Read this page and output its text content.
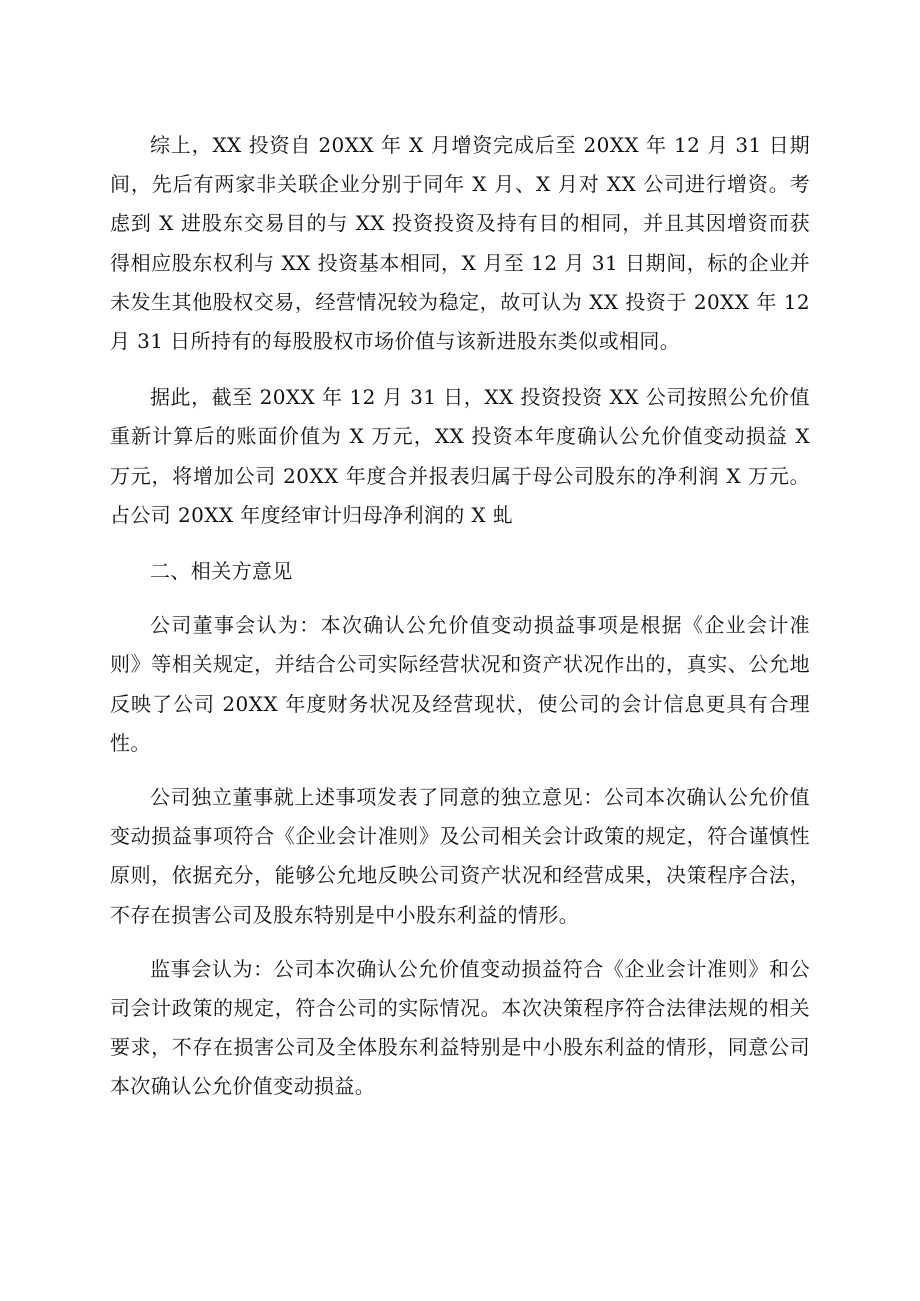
综上，XX 投资自 20XX 年 X 月增资完成后至 20XX 年 12 月 31 日期间，先后有两家非关联企业分别于同年 X 月、X 月对 XX 公司进行增资。考虑到 X 进股东交易目的与 XX 投资投资及持有目的相同，并且其因增资而获得相应股东权利与 XX 投资基本相同，X 月至 12 月 31 日期间，标的企业并未发生其他股权交易，经营情况较为稳定，故可认为 XX 投资于 20XX 年 12 月 31 日所持有的每股股权市场价值与该新进股东类似或相同。

据此，截至 20XX 年 12 月 31 日，XX 投资投资 XX 公司按照公允价值重新计算后的账面价值为 X 万元，XX 投资本年度确认公允价值变动损益 X 万元，将增加公司 20XX 年度合并报表归属于母公司股东的净利润 X 万元。占公司 20XX 年度经审计归母净利润的 X 虬

二、相关方意见

公司董事会认为：本次确认公允价值变动损益事项是根据《企业会计准则》等相关规定，并结合公司实际经营状况和资产状况作出的，真实、公允地反映了公司 20XX 年度财务状况及经营现状，使公司的会计信息更具有合理性。

公司独立董事就上述事项发表了同意的独立意见：公司本次确认公允价值变动损益事项符合《企业会计准则》及公司相关会计政策的规定，符合谨慎性原则，依据充分，能够公允地反映公司资产状况和经营成果，决策程序合法，不存在损害公司及股东特别是中小股东利益的情形。

监事会认为：公司本次确认公允价值变动损益符合《企业会计准则》和公司会计政策的规定，符合公司的实际情况。本次决策程序符合法律法规的相关要求，不存在损害公司及全体股东利益特别是中小股东利益的情形，同意公司本次确认公允价值变动损益。
